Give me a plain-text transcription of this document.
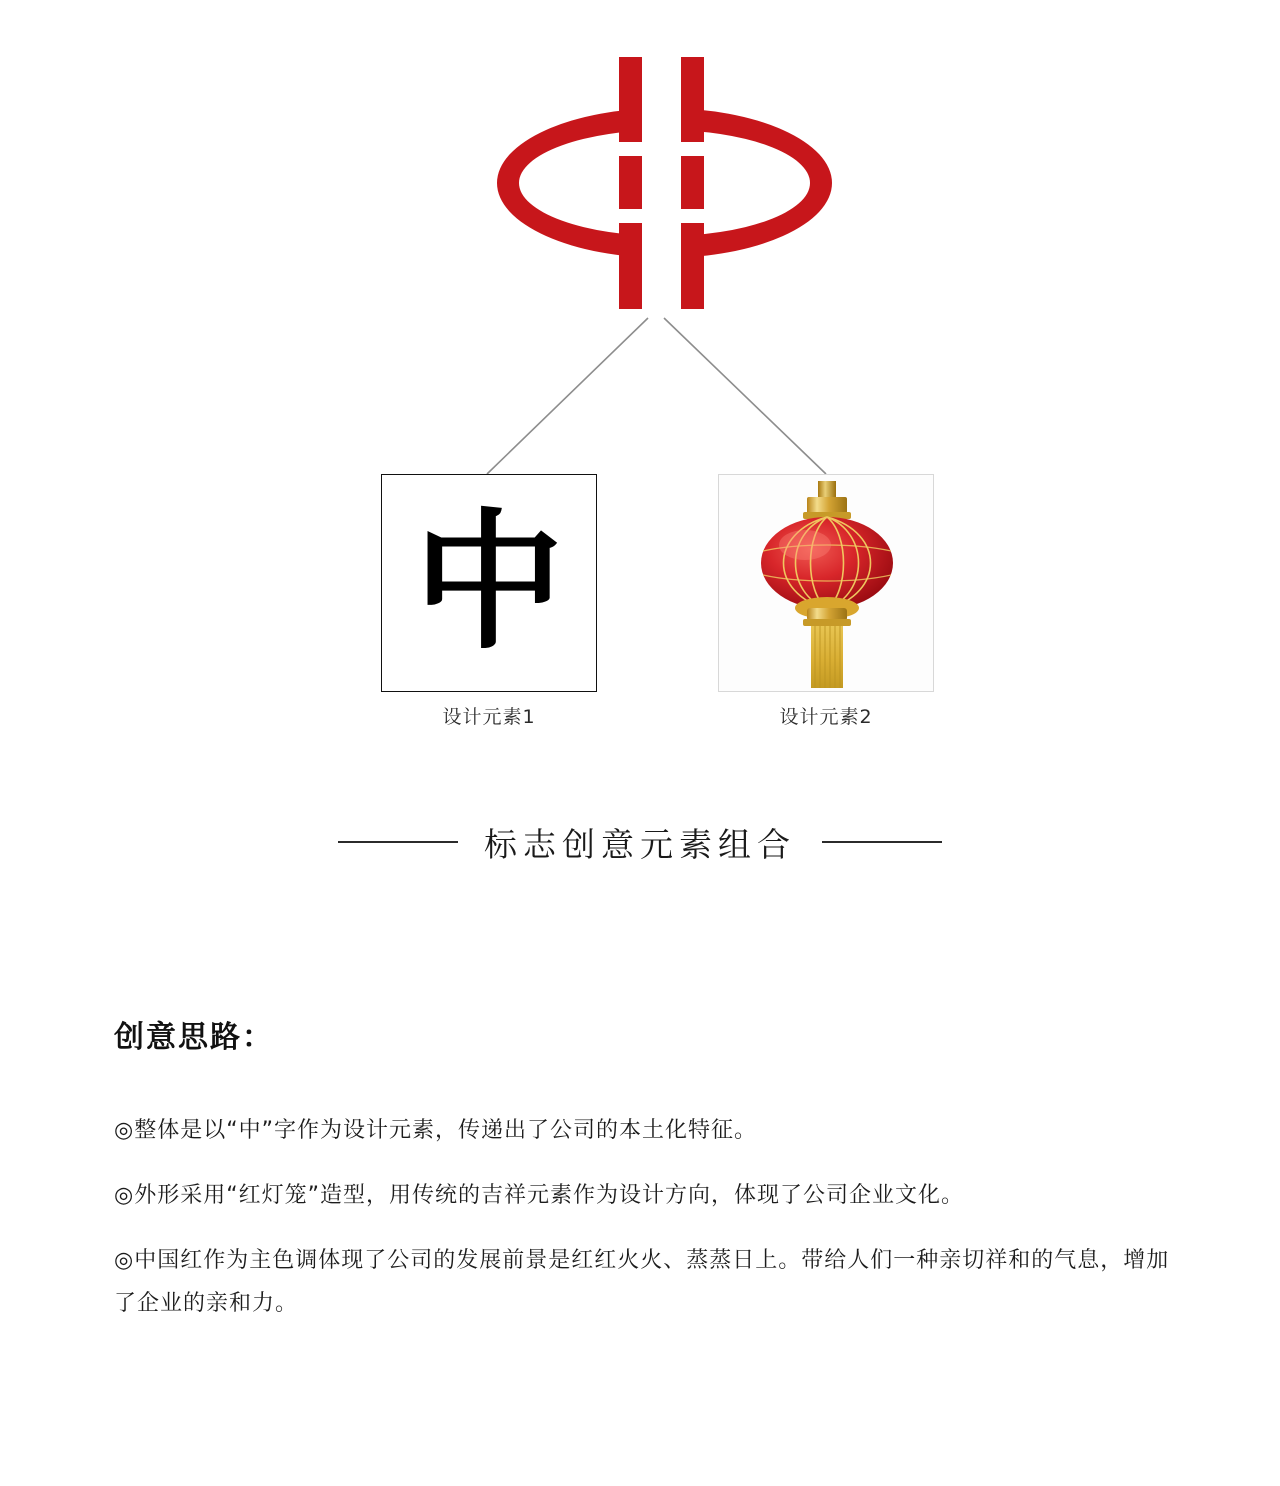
中
设计元素1	设计元素2
标志创意元素组合
创意思路：

◎整体是以“中”字作为设计元素，传递出了公司的本土化特征。

◎外形采用“红灯笼”造型，用传统的吉祥元素作为设计方向，体现了公司企业文化。

◎中国红作为主色调体现了公司的发展前景是红红火火、蒸蒸日上。带给人们一种亲切祥和的气息，增加了企业的亲和力。
